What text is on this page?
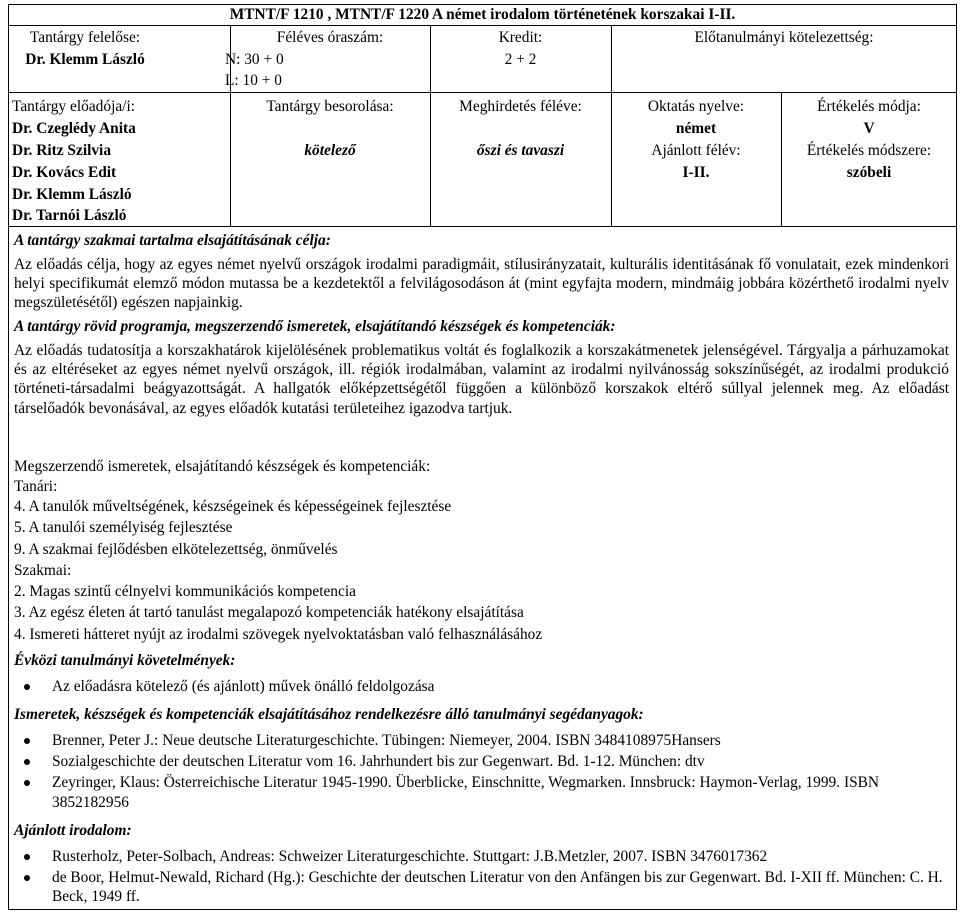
MTNT/F 1210 , MTNT/F 1220 A német irodalom történetének korszakai I-II.
Tantárgy felelőse:
Dr. Klemm László
Féléves óraszám:
N: 30 + 0
L: 10 + 0
Kredit:
2 + 2
Előtanulmányi kötelezettség:
Tantárgy előadója/i:
Dr. Czeglédy Anita
Dr. Ritz Szilvia
Dr. Kovács Edit
Dr. Klemm László
Dr. Tarnói László
Tantárgy besorolása:
kötelező
Meghirdetés féléve:
őszi és tavaszi
Oktatás nyelve:
német
Ajánlott félév:
I-II.
Értékelés módja:
V
Értékelés módszere:
szóbeli
A tantárgy szakmai tartalma elsajátításának célja:
Az előadás célja, hogy az egyes német nyelvű országok irodalmi paradigmáit, stílusirányzatait, kulturális identitásának fő vonulatait, ezek mindenkori helyi specifikumát elemző módon mutassa be a kezdetektől a felvilágosodáson át (mint egyfajta modern, mindmáig jobbára közérthető irodalmi nyelv megszületésétől) egészen napjainkig.
A tantárgy rövid programja, megszerzendő ismeretek, elsajátítandó készségek és kompetenciák:
Az előadás tudatosítja a korszakhatárok kijelölésének problematikus voltát és foglalkozik a korszakátmenetek jelenségével. Tárgyalja a párhuzamokat és az eltéréseket az egyes német nyelvű országok, ill. régiók irodalmában, valamint az irodalmi nyilvánosság sokszínűségét, az irodalmi produkció történeti-társadalmi beágyazottságát. A hallgatók előképzettségétől függően a különböző korszakok eltérő súllyal jelennek meg. Az előadást társelőadók bevonásával, az egyes előadók kutatási területeihez igazodva tartjuk.
Megszerzendő ismeretek, elsajátítandó készségek és kompetenciák:
Tanári:
4. A tanulók műveltségének, készségeinek és képességeinek fejlesztése
5. A tanulói személyiség fejlesztése
9. A szakmai fejlődésben elkötelezettség, önművelés
Szakmai:
2. Magas szintű célnyelvi kommunikációs kompetencia
3. Az egész életen át tartó tanulást megalapozó kompetenciák hatékony elsajátítása
4. Ismereti hátteret nyújt az irodalmi szövegek nyelvoktatásban való felhasználásához
Évközi tanulmányi követelmények:
Az előadásra kötelező (és ajánlott) művek önálló feldolgozása
Ismeretek, készségek és kompetenciák elsajátításához rendelkezésre álló tanulmányi segédanyagok:
Brenner, Peter J.: Neue deutsche Literaturgeschichte. Tübingen: Niemeyer, 2004. ISBN 3484108975Hansers
Sozialgeschichte der deutschen Literatur vom 16. Jahrhundert bis zur Gegenwart. Bd. 1-12. München: dtv
Zeyringer, Klaus: Österreichische Literatur 1945-1990. Überblicke, Einschnitte, Wegmarken. Innsbruck: Haymon-Verlag, 1999. ISBN 3852182956
Ajánlott irodalom:
Rusterholz, Peter-Solbach, Andreas: Schweizer Literaturgeschichte. Stuttgart: J.B.Metzler, 2007. ISBN 3476017362
de Boor, Helmut-Newald, Richard (Hg.): Geschichte der deutschen Literatur von den Anfängen bis zur Gegenwart. Bd. I-XII ff. München: C. H. Beck, 1949 ff.
